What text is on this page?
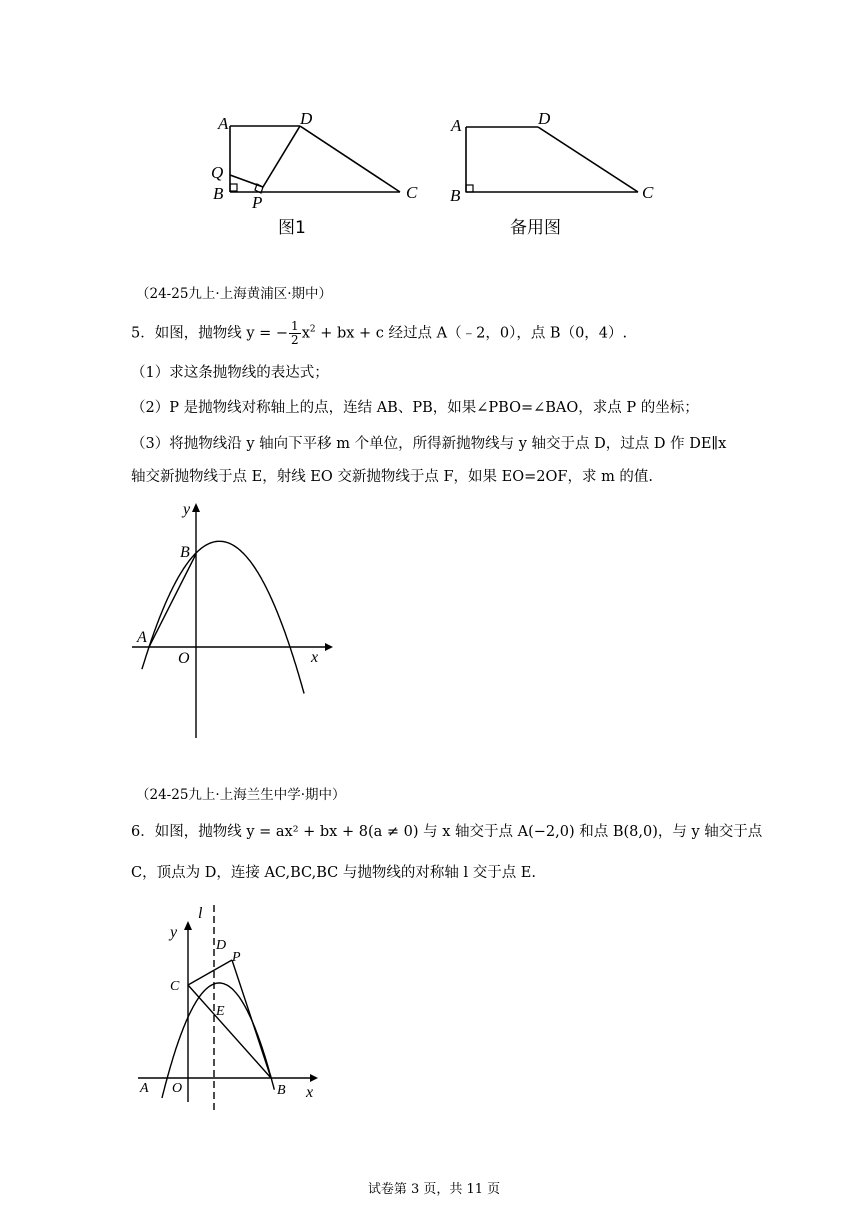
A	D
Q
B P
C
图1
A	D
B	C
备用图
（24-25九上·上海黄浦区·期中）
5．如图，抛物线 y = − $\frac{1}{2} x^2$ + bx + c 经过点 A（﹣2，0），点 B（0，4）.
（1）求这条抛物线的表达式；
（2）P 是抛物线对称轴上的点，连结 AB、PB，如果∠PBO=∠BAO，求点 P 的坐标；
（3）将抛物线沿 y 轴向下平移 m 个单位，所得新抛物线与 y 轴交于点 D，过点 D 作 DE∥x
轴交新抛物线于点 E，射线 EO 交新抛物线于点 F，如果 EO=2OF，求 m 的值.
y
B
A
O	x
（24-25九上·上海兰生中学·期中）
6．如图，抛物线 y = ax² + bx + 8(a ≠ 0) 与 x 轴交于点 A(−2,0) 和点 B(8,0)，与 y 轴交于点
C，顶点为 D，连接 AC,BC,BC 与抛物线的对称轴 l 交于点 E.
l
y
D
P
C
E
A O	B x
试卷第 3 页，共 11 页
